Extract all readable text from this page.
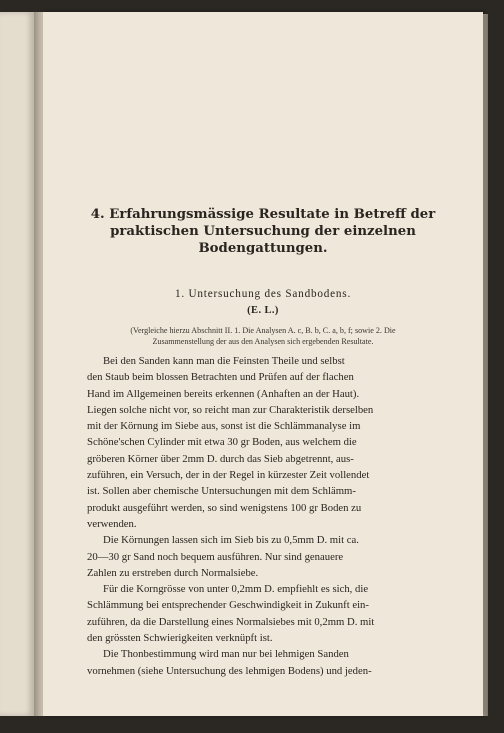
4. Erfahrungsmässige Resultate in Betreff der
praktischen Untersuchung der einzelnen
Bodengattungen.
1. Untersuchung des Sandbodens.
(E. L.)
(Vergleiche hierzu Abschnitt II. 1. Die Analysen A. c, B. b, C. a, b, f; sowie 2. Die
Zusammenstellung der aus den Analysen sich ergebenden Resultate.
Bei den Sanden kann man die Feinsten Theile und selbst
den Staub beim blossen Betrachten und Prüfen auf der flachen
Hand im Allgemeinen bereits erkennen (Anhaften an der Haut).
Liegen solche nicht vor, so reicht man zur Charakteristik derselben
mit der Körnung im Siebe aus, sonst ist die Schlämmanalyse im
Schöne'schen Cylinder mit etwa 30 gr Boden, aus welchem die
gröberen Körner über 2mm D. durch das Sieb abgetrennt, aus-
zuführen, ein Versuch, der in der Regel in kürzester Zeit vollendet
ist. Sollen aber chemische Untersuchungen mit dem Schlämm-
produkt ausgeführt werden, so sind wenigstens 100 gr Boden zu
verwenden.
Die Körnungen lassen sich im Sieb bis zu 0,5mm D. mit ca.
20—30 gr Sand noch bequem ausführen. Nur sind genauere
Zahlen zu erstreben durch Normalsiebe.
Für die Korngrösse von unter 0,2mm D. empfiehlt es sich, die
Schlämmung bei entsprechender Geschwindigkeit in Zukunft ein-
zuführen, da die Darstellung eines Normalsiebes mit 0,2mm D. mit
den grössten Schwierigkeiten verknüpft ist.
Die Thonbestimmung wird man nur bei lehmigen Sanden
vornehmen (siehe Untersuchung des lehmigen Bodens) und jeden-
